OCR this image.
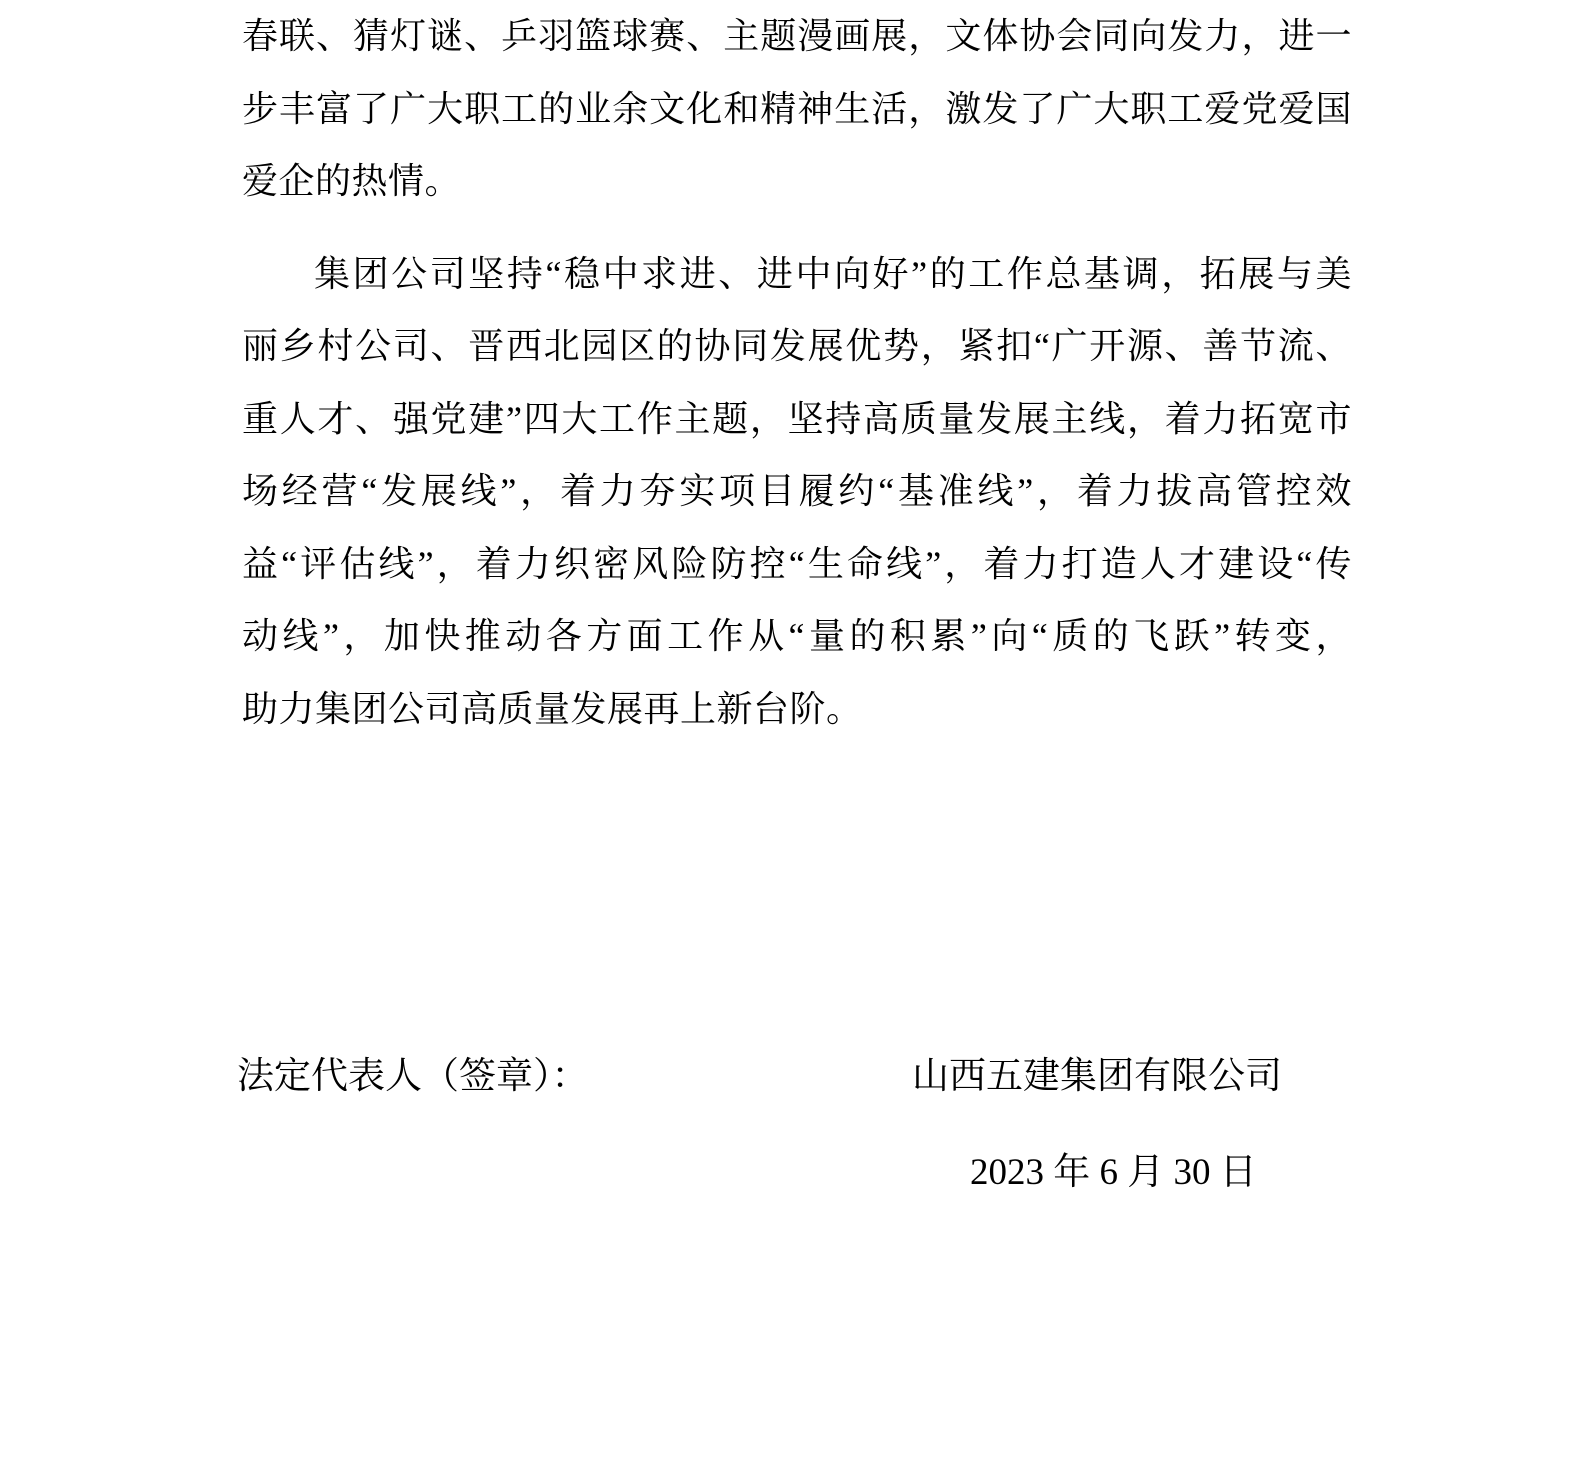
春联、猜灯谜、乒羽篮球赛、主题漫画展，文体协会同向发力，进一
步丰富了广大职工的业余文化和精神生活，激发了广大职工爱党爱国
爱企的热情。
集团公司坚持“稳中求进、进中向好”的工作总基调，拓展与美
丽乡村公司、晋西北园区的协同发展优势，紧扣“广开源、善节流、
重人才、强党建”四大工作主题，坚持高质量发展主线，着力拓宽市
场经营“发展线”，着力夯实项目履约“基准线”，着力拔高管控效
益“评估线”，着力织密风险防控“生命线”，着力打造人才建设“传
动线”，加快推动各方面工作从“量的积累”向“质的飞跃”转变，
助力集团公司高质量发展再上新台阶。
法定代表人（签章）：	山西五建集团有限公司
2023 年 6 月 30 日
